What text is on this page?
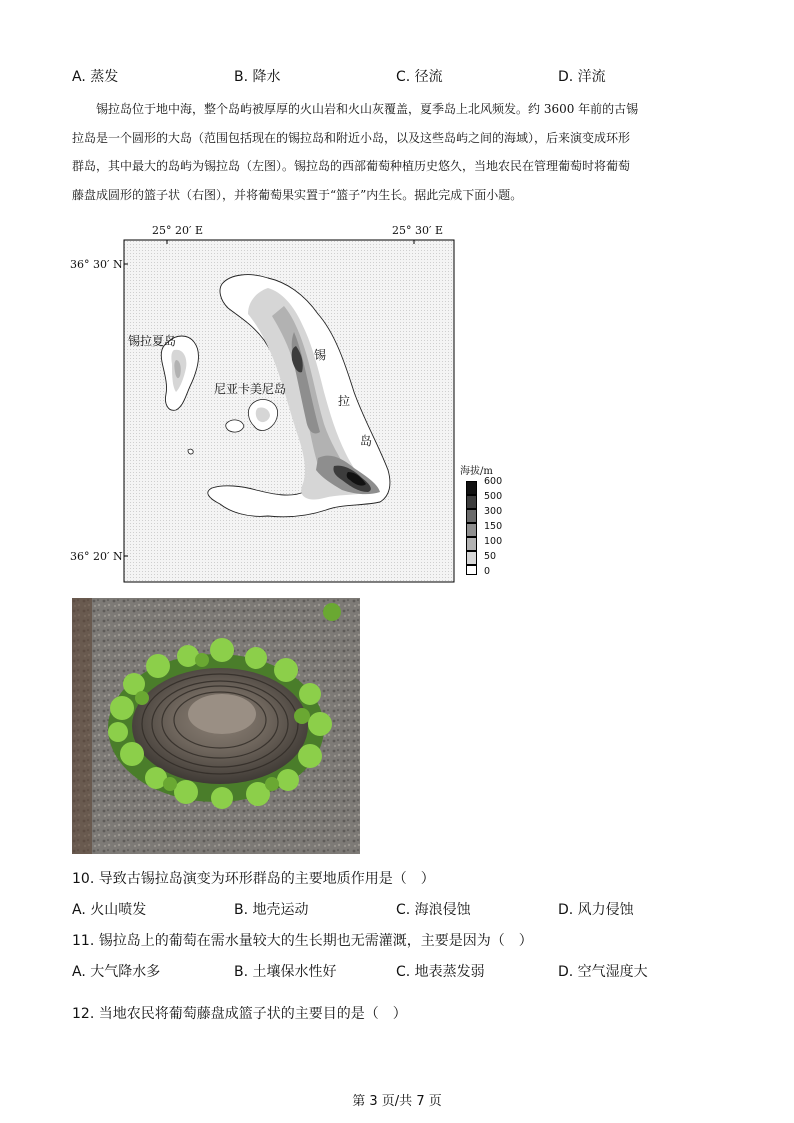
A. 蒸发	B. 降水	C. 径流	D. 洋流

锡拉岛位于地中海，整个岛屿被厚厚的火山岩和火山灰覆盖，夏季岛上北风频发。约 3600 年前的古锡

拉岛是一个圆形的大岛（范围包括现在的锡拉岛和附近小岛，以及这些岛屿之间的海域），后来演变成环形

群岛，其中最大的岛屿为锡拉岛（左图）。锡拉岛的西部葡萄种植历史悠久，当地农民在管理葡萄时将葡萄

藤盘成圆形的篮子状（右图），并将葡萄果实置于“篮子”内生长。据此完成下面小题。

25° 20′ E	25° 30′ E
36° 30′ N
36° 20′ N
锡拉夏岛
尼亚卡美尼岛
锡
拉
岛
海拔/m
600
500
300
150
100
50
0
10. 导致古锡拉岛演变为环形群岛的主要地质作用是（　）
A. 火山喷发	B. 地壳运动	C. 海浪侵蚀	D. 风力侵蚀
11. 锡拉岛上的葡萄在需水量较大的生长期也无需灌溉，主要是因为（　）
A. 大气降水多	B. 土壤保水性好	C. 地表蒸发弱	D. 空气湿度大
12. 当地农民将葡萄藤盘成篮子状的主要目的是（　）
第 3 页/共 7 页
